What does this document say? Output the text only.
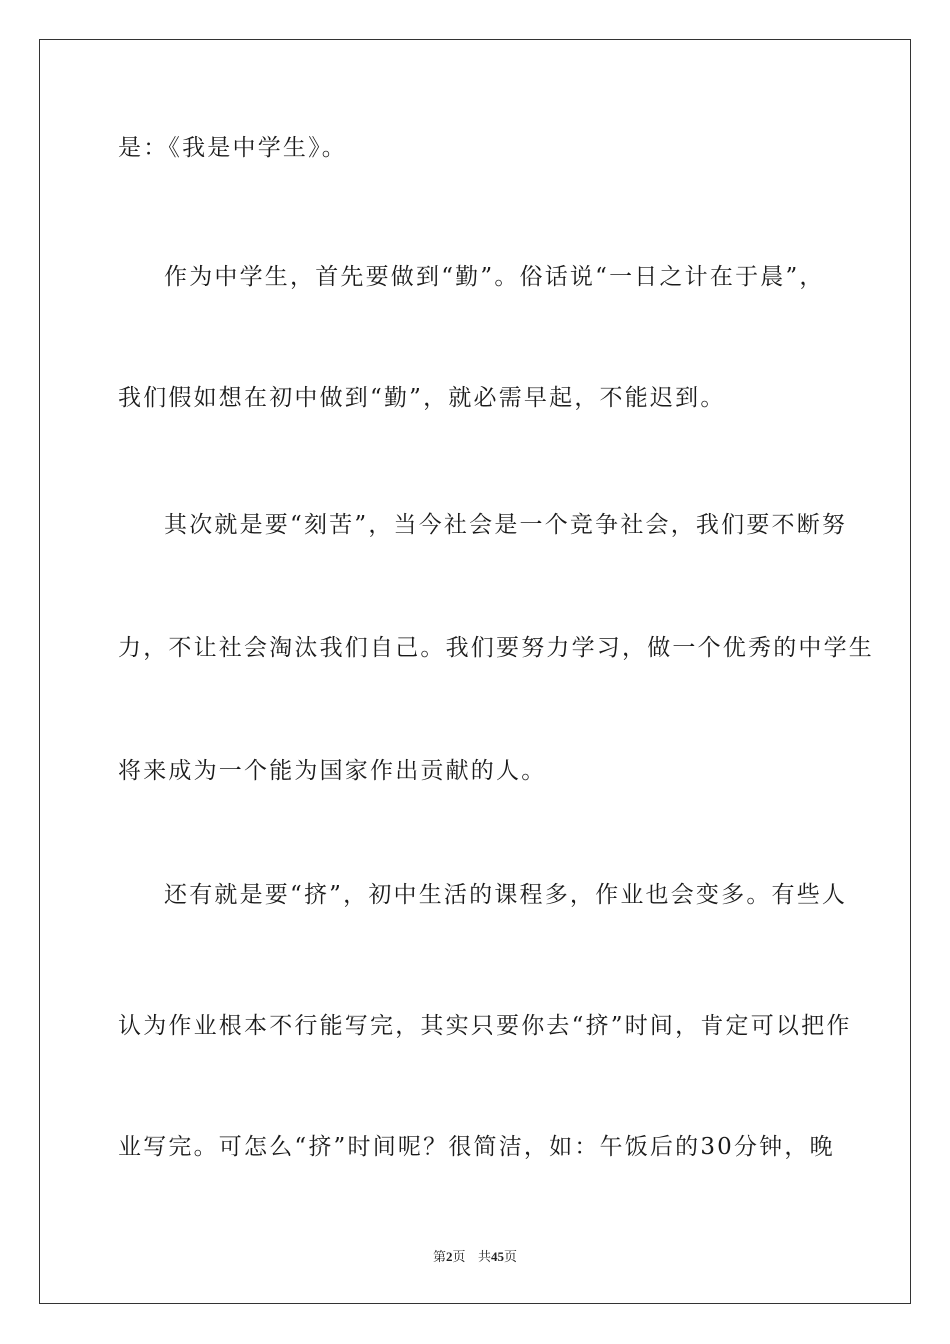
是：《我是中学生》。
作为中学生，首先要做到“勤”。俗话说“一日之计在于晨”，
我们假如想在初中做到“勤”，就必需早起，不能迟到。
其次就是要“刻苦”，当今社会是一个竞争社会，我们要不断努
力，不让社会淘汰我们自己。我们要努力学习，做一个优秀的中学生
将来成为一个能为国家作出贡献的人。
还有就是要“挤”，初中生活的课程多，作业也会变多。有些人
认为作业根本不行能写完，其实只要你去“挤”时间，肯定可以把作
业写完。可怎么“挤”时间呢？很简洁，如：午饭后的30分钟，晚
第2页 共45页
